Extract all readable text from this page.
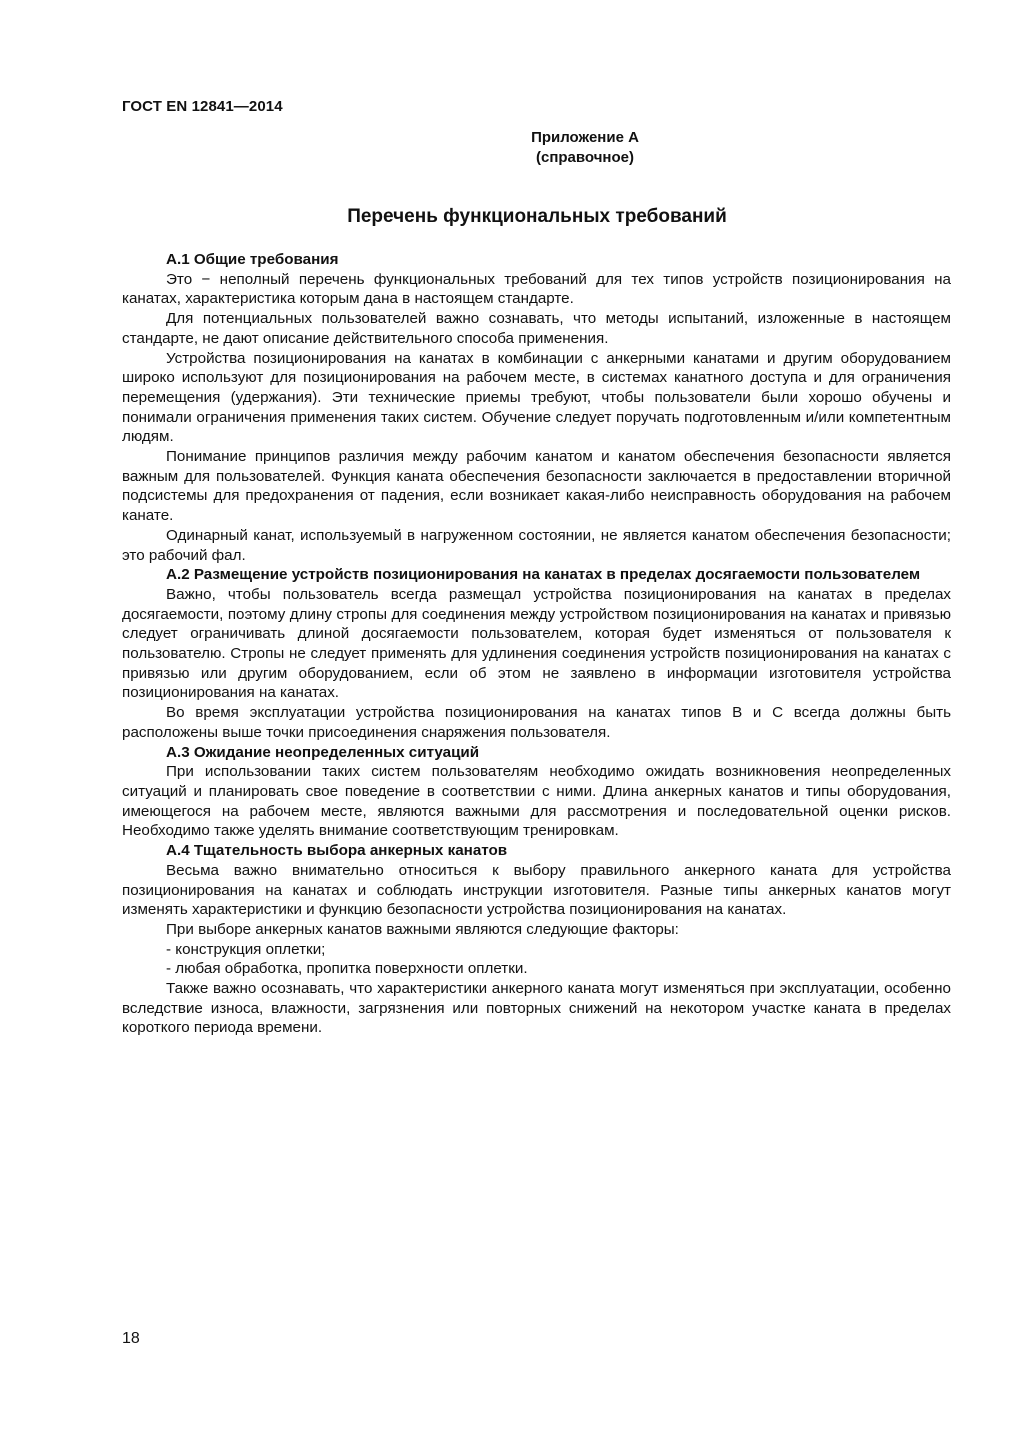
ГОСТ EN 12841—2014
Приложение А
(справочное)
Перечень функциональных требований
А.1 Общие требования

Это − неполный перечень функциональных требований для тех типов устройств позиционирования на канатах, характеристика которым дана в настоящем стандарте.

Для потенциальных пользователей важно сознавать, что методы испытаний, изложенные в настоящем стандарте, не дают описание действительного способа применения.

Устройства позиционирования на канатах в комбинации с анкерными канатами и другим оборудованием широко используют для позиционирования на рабочем месте, в системах канатного доступа и для ограничения перемещения (удержания). Эти технические приемы требуют, чтобы пользователи были хорошо обучены и понимали ограничения применения таких систем. Обучение следует поручать подготовленным и/или компетентным людям.

Понимание принципов различия между рабочим канатом и канатом обеспечения безопасности является важным для пользователей. Функция каната обеспечения безопасности заключается в предоставлении вторичной подсистемы для предохранения от падения, если возникает какая-либо неисправность оборудования на рабочем канате.

Одинарный канат, используемый в нагруженном состоянии, не является канатом обеспечения безопасности; это рабочий фал.

А.2 Размещение устройств позиционирования на канатах в пределах досягаемости пользователем

Важно, чтобы пользователь всегда размещал устройства позиционирования на канатах в пределах досягаемости, поэтому длину стропы для соединения между устройством позиционирования на канатах и привязью следует ограничивать длиной досягаемости пользователем, которая будет изменяться от пользователя к пользователю. Стропы не следует применять для удлинения соединения устройств позиционирования на канатах с привязью или другим оборудованием, если об этом не заявлено в информации изготовителя устройства позиционирования на канатах.

Во время эксплуатации устройства позиционирования на канатах типов В и С всегда должны быть расположены выше точки присоединения снаряжения пользователя.

А.3 Ожидание неопределенных ситуаций

При использовании таких систем пользователям необходимо ожидать возникновения неопределенных ситуаций и планировать свое поведение в соответствии с ними. Длина анкерных канатов и типы оборудования, имеющегося на рабочем месте, являются важными для рассмотрения и последовательной оценки рисков. Необходимо также уделять внимание соответствующим тренировкам.

А.4 Тщательность выбора анкерных канатов

Весьма важно внимательно относиться к выбору правильного анкерного каната для устройства позиционирования на канатах и соблюдать инструкции изготовителя. Разные типы анкерных канатов могут изменять характеристики и функцию безопасности устройства позиционирования на канатах.

При выборе анкерных канатов важными являются следующие факторы:

- конструкция оплетки;

- любая обработка, пропитка поверхности оплетки.

Также важно осознавать, что характеристики анкерного каната могут изменяться при эксплуатации, особенно вследствие износа, влажности, загрязнения или повторных снижений на некотором участке каната в пределах короткого периода времени.

18
